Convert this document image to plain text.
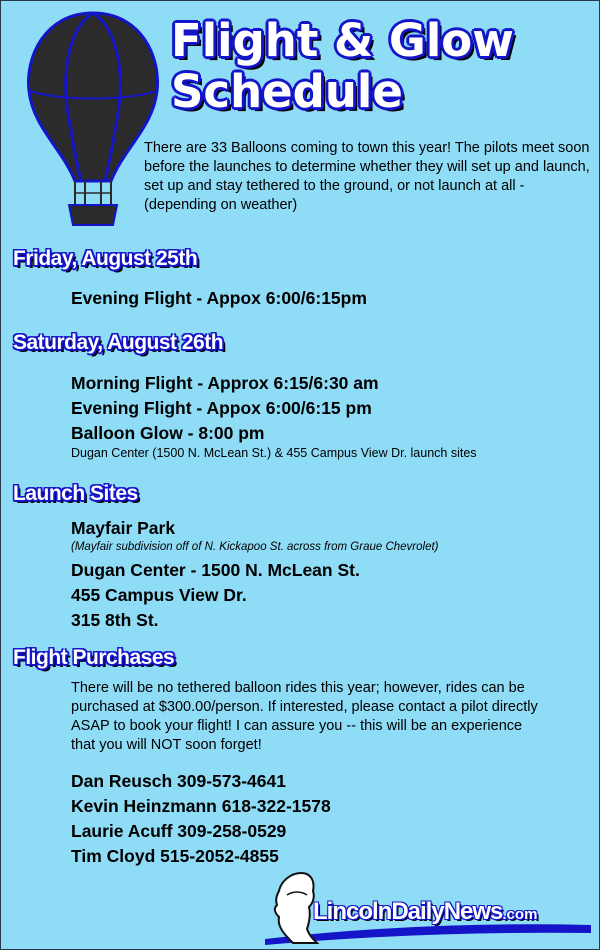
Flight & Glow
Schedule

There are 33 Balloons coming to town this year! The pilots meet soon before the launches to determine whether they will set up and launch, set up and stay tethered to the ground, or not launch at all - (depending on weather)

Friday, August 25th

Evening Flight - Appox 6:00/6:15pm

Saturday, August 26th

Morning Flight - Approx 6:15/6:30 am

Evening Flight - Appox 6:00/6:15 pm

Balloon Glow - 8:00 pm

Dugan Center (1500 N. McLean St.) & 455 Campus View Dr. launch sites

Launch Sites

Mayfair Park

(Mayfair subdivision off of N. Kickapoo St. across from Graue Chevrolet)

Dugan Center - 1500 N. McLean St.

455 Campus View Dr.

315 8th St.

Flight Purchases

There will be no tethered balloon rides this year; however, rides can be purchased at $300.00/person. If interested, please contact a pilot directly ASAP to book your flight! I can assure you -- this will be an experience that you will NOT soon forget!

Dan Reusch 309-573-4641

Kevin Heinzmann 618-322-1578

Laurie Acuff 309-258-0529

Tim Cloyd 515-2052-4855

LincolnDailyNews.com
